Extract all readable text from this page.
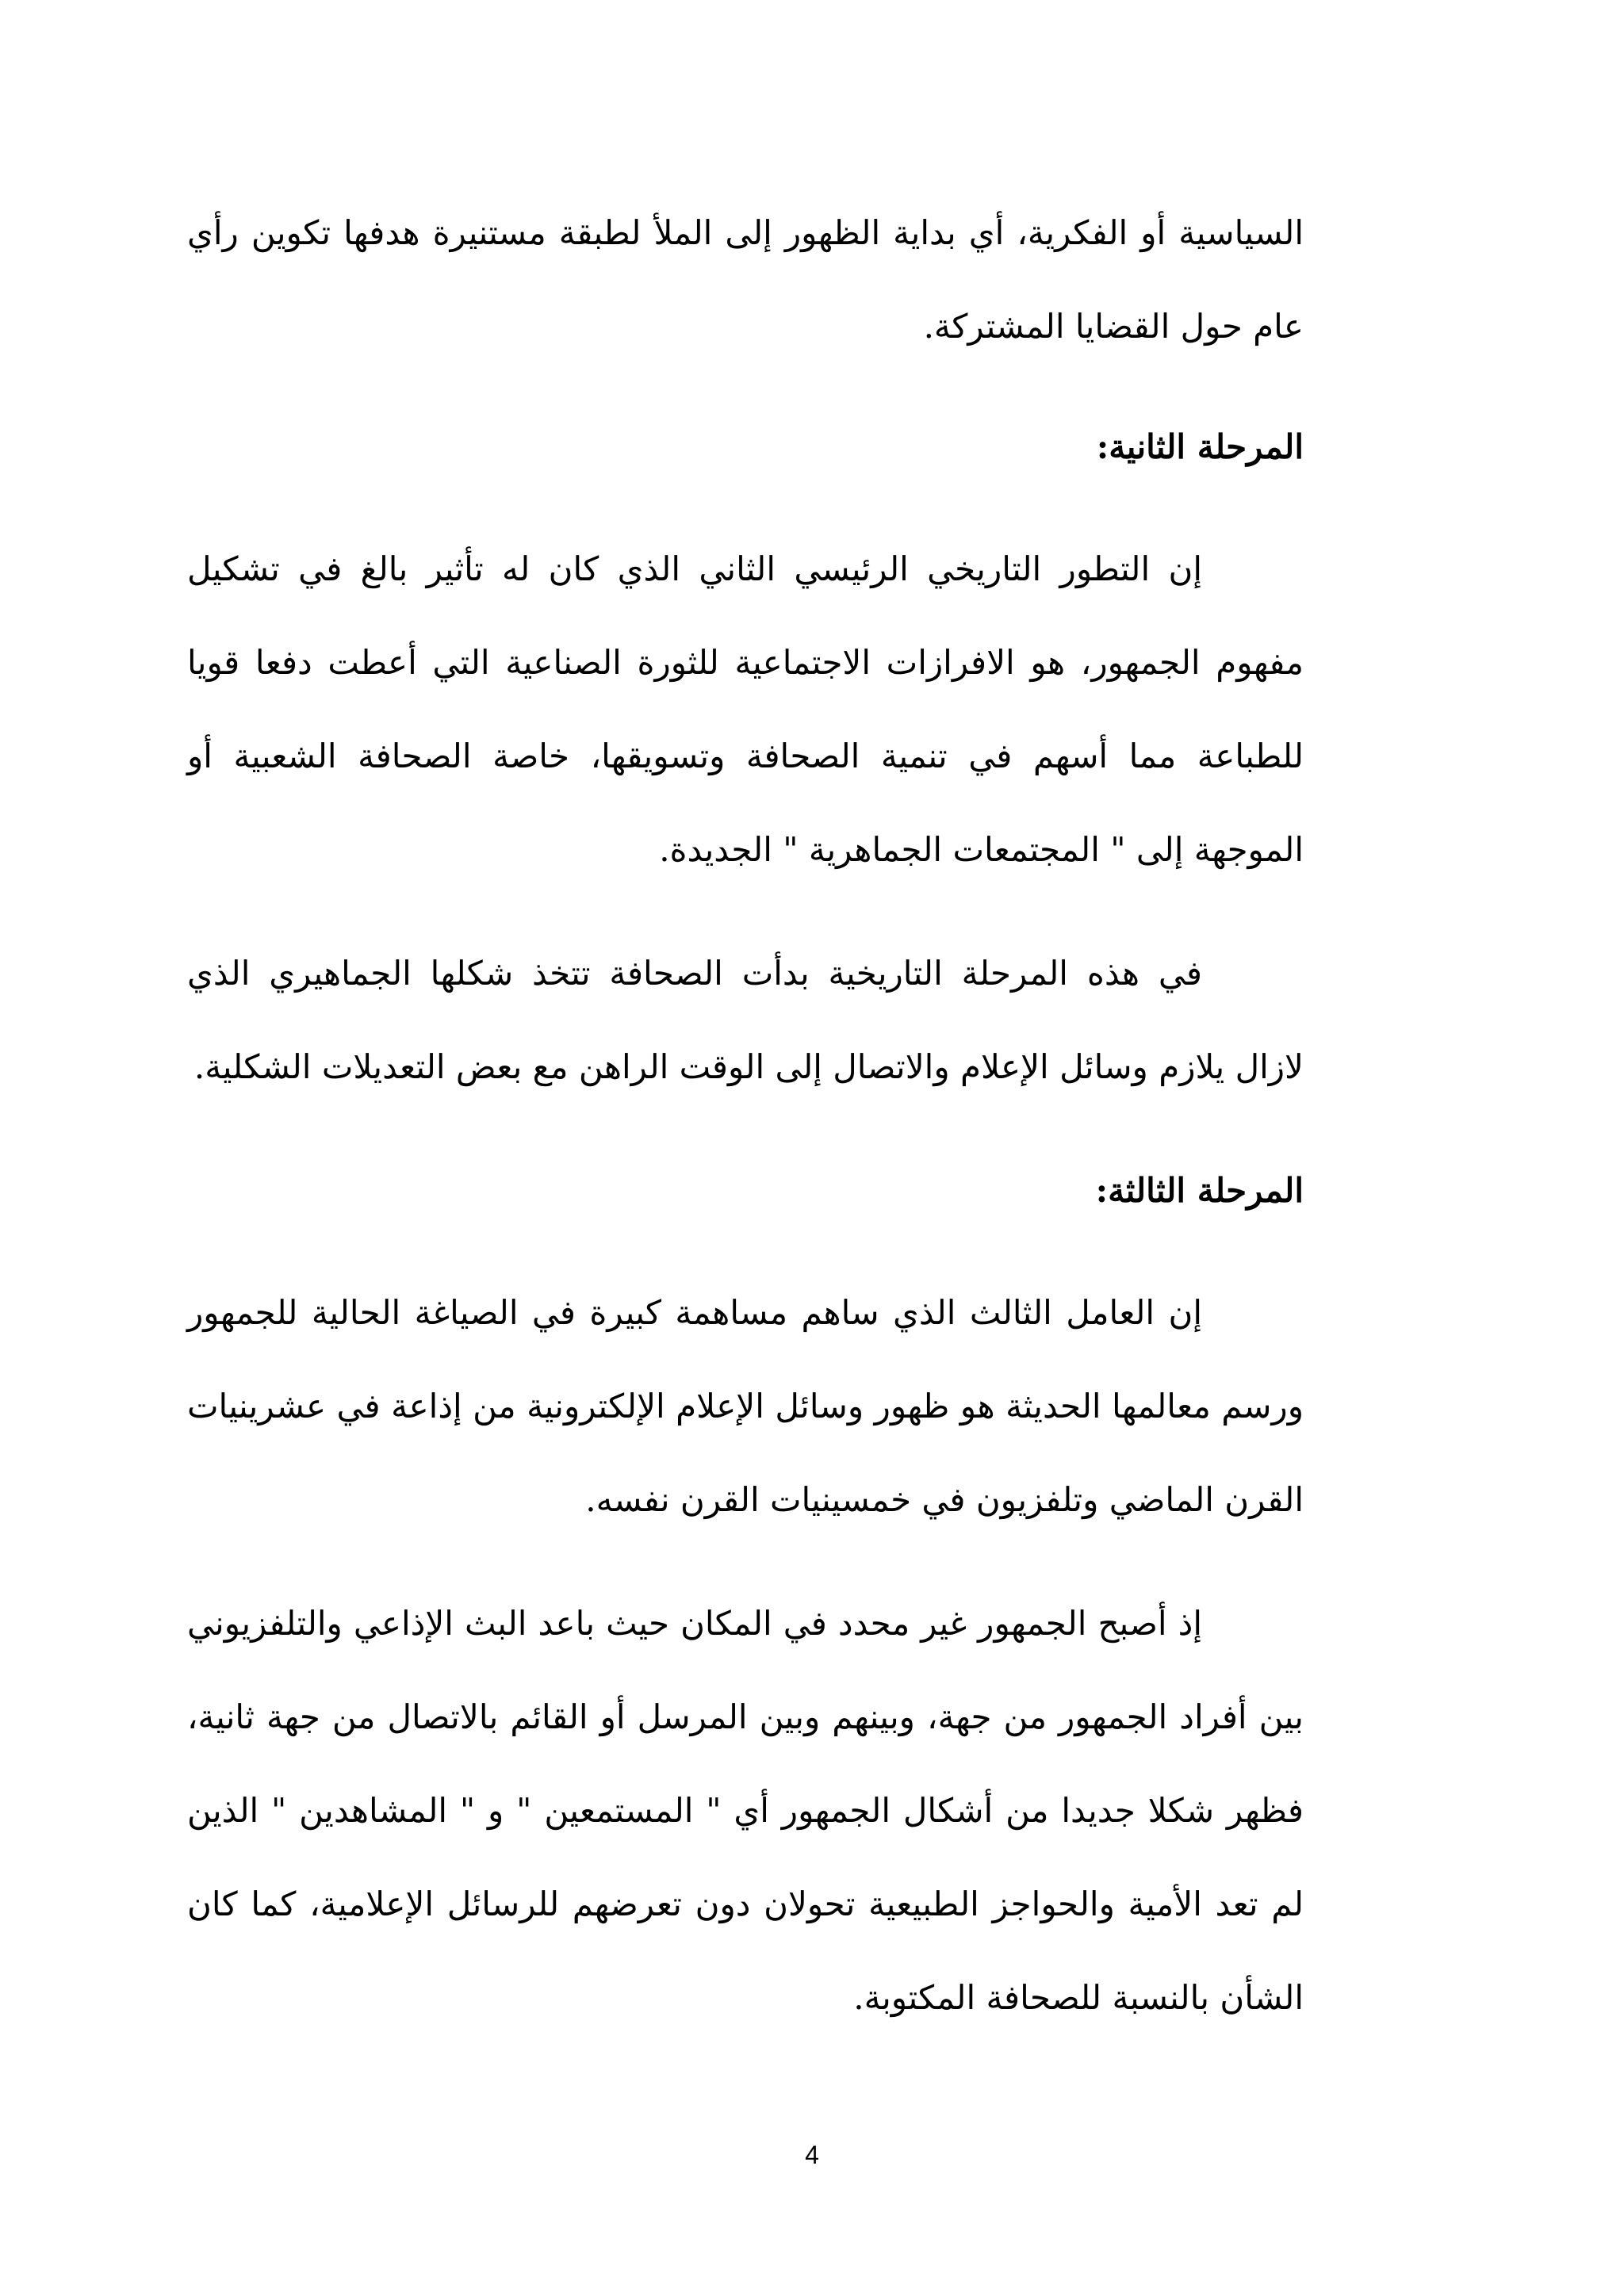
السياسية أو الفكرية، أي بداية الظهور إلى الملأ لطبقة مستنيرة هدفها تكوين رأي عام حول القضايا المشتركة.

المرحلة الثانية:

إن التطور التاريخي الرئيسي الثاني الذي كان له تأثير بالغ في تشكيل مفهوم الجمهور، هو الافرازات الاجتماعية للثورة الصناعية التي أعطت دفعا قويا للطباعة مما أسهم في تنمية الصحافة وتسويقها، خاصة الصحافة الشعبية أو الموجهة إلى " المجتمعات الجماهرية " الجديدة.

في هذه المرحلة التاريخية بدأت الصحافة تتخذ شكلها الجماهيري الذي لازال يلازم وسائل الإعلام والاتصال إلى الوقت الراهن مع بعض التعديلات الشكلية.

المرحلة الثالثة:

إن العامل الثالث الذي ساهم مساهمة كبيرة في الصياغة الحالية للجمهور ورسم معالمها الحديثة هو ظهور وسائل الإعلام الإلكترونية من إذاعة في عشرينيات القرن الماضي وتلفزيون في خمسينيات القرن نفسه.

إذ أصبح الجمهور غير محدد في المكان حيث باعد البث الإذاعي والتلفزيوني بين أفراد الجمهور من جهة، وبينهم وبين المرسل أو القائم بالاتصال من جهة ثانية، فظهر شكلا جديدا من أشكال الجمهور أي " المستمعين " و " المشاهدين " الذين لم تعد الأمية والحواجز الطبيعية تحولان دون تعرضهم للرسائل الإعلامية، كما كان الشأن بالنسبة للصحافة المكتوبة.

4
